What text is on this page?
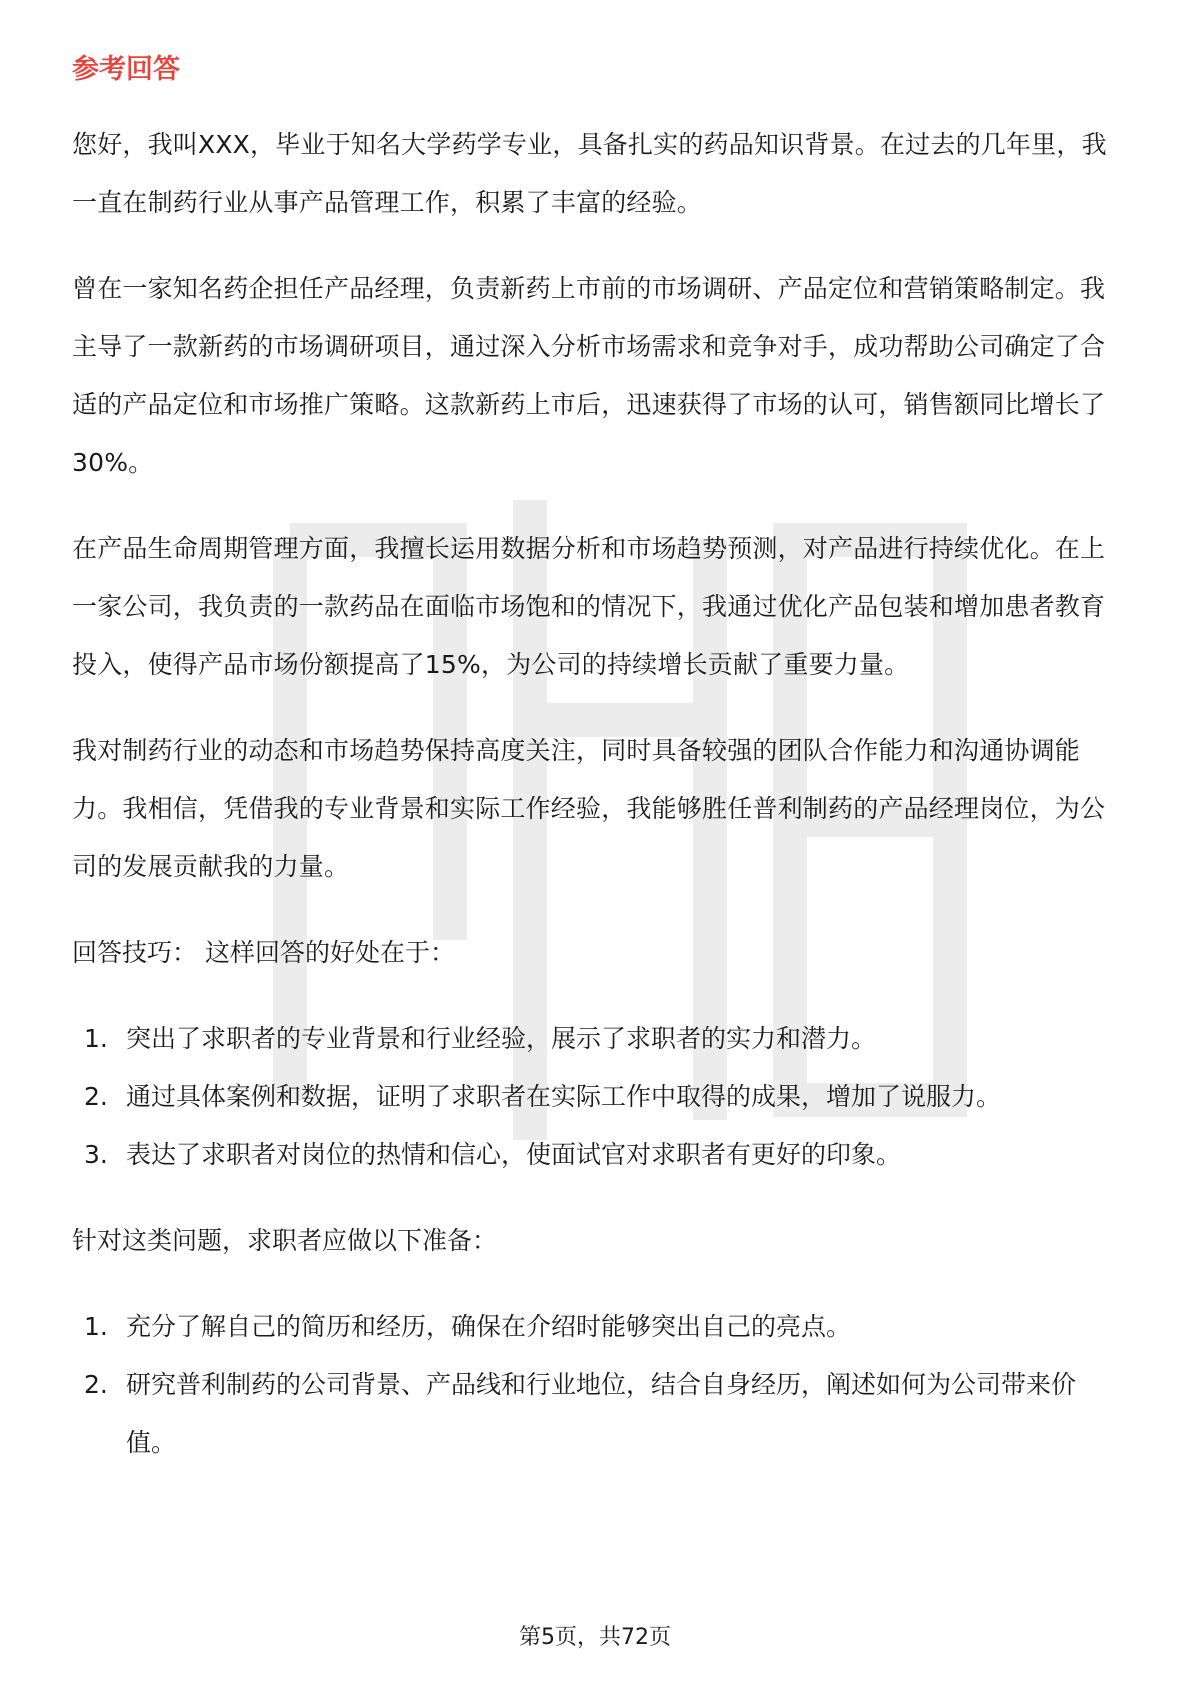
参考回答

您好，我叫XXX，毕业于知名大学药学专业，具备扎实的药品知识背景。在过去的几年里，我一直在制药行业从事产品管理工作，积累了丰富的经验。

曾在一家知名药企担任产品经理，负责新药上市前的市场调研、产品定位和营销策略制定。我主导了一款新药的市场调研项目，通过深入分析市场需求和竞争对手，成功帮助公司确定了合适的产品定位和市场推广策略。这款新药上市后，迅速获得了市场的认可，销售额同比增长了30%。

在产品生命周期管理方面，我擅长运用数据分析和市场趋势预测，对产品进行持续优化。在上一家公司，我负责的一款药品在面临市场饱和的情况下，我通过优化产品包装和增加患者教育投入，使得产品市场份额提高了15%，为公司的持续增长贡献了重要力量。

我对制药行业的动态和市场趋势保持高度关注，同时具备较强的团队合作能力和沟通协调能力。我相信，凭借我的专业背景和实际工作经验，我能够胜任普利制药的产品经理岗位，为公司的发展贡献我的力量。

回答技巧： 这样回答的好处在于：
1. 突出了求职者的专业背景和行业经验，展示了求职者的实力和潜力。
2. 通过具体案例和数据，证明了求职者在实际工作中取得的成果，增加了说服力。
3. 表达了求职者对岗位的热情和信心，使面试官对求职者有更好的印象。
针对这类问题，求职者应做以下准备：
1. 充分了解自己的简历和经历，确保在介绍时能够突出自己的亮点。
2. 研究普利制药的公司背景、产品线和行业地位，结合自身经历，阐述如何为公司带来价值。
第5页，共72页
